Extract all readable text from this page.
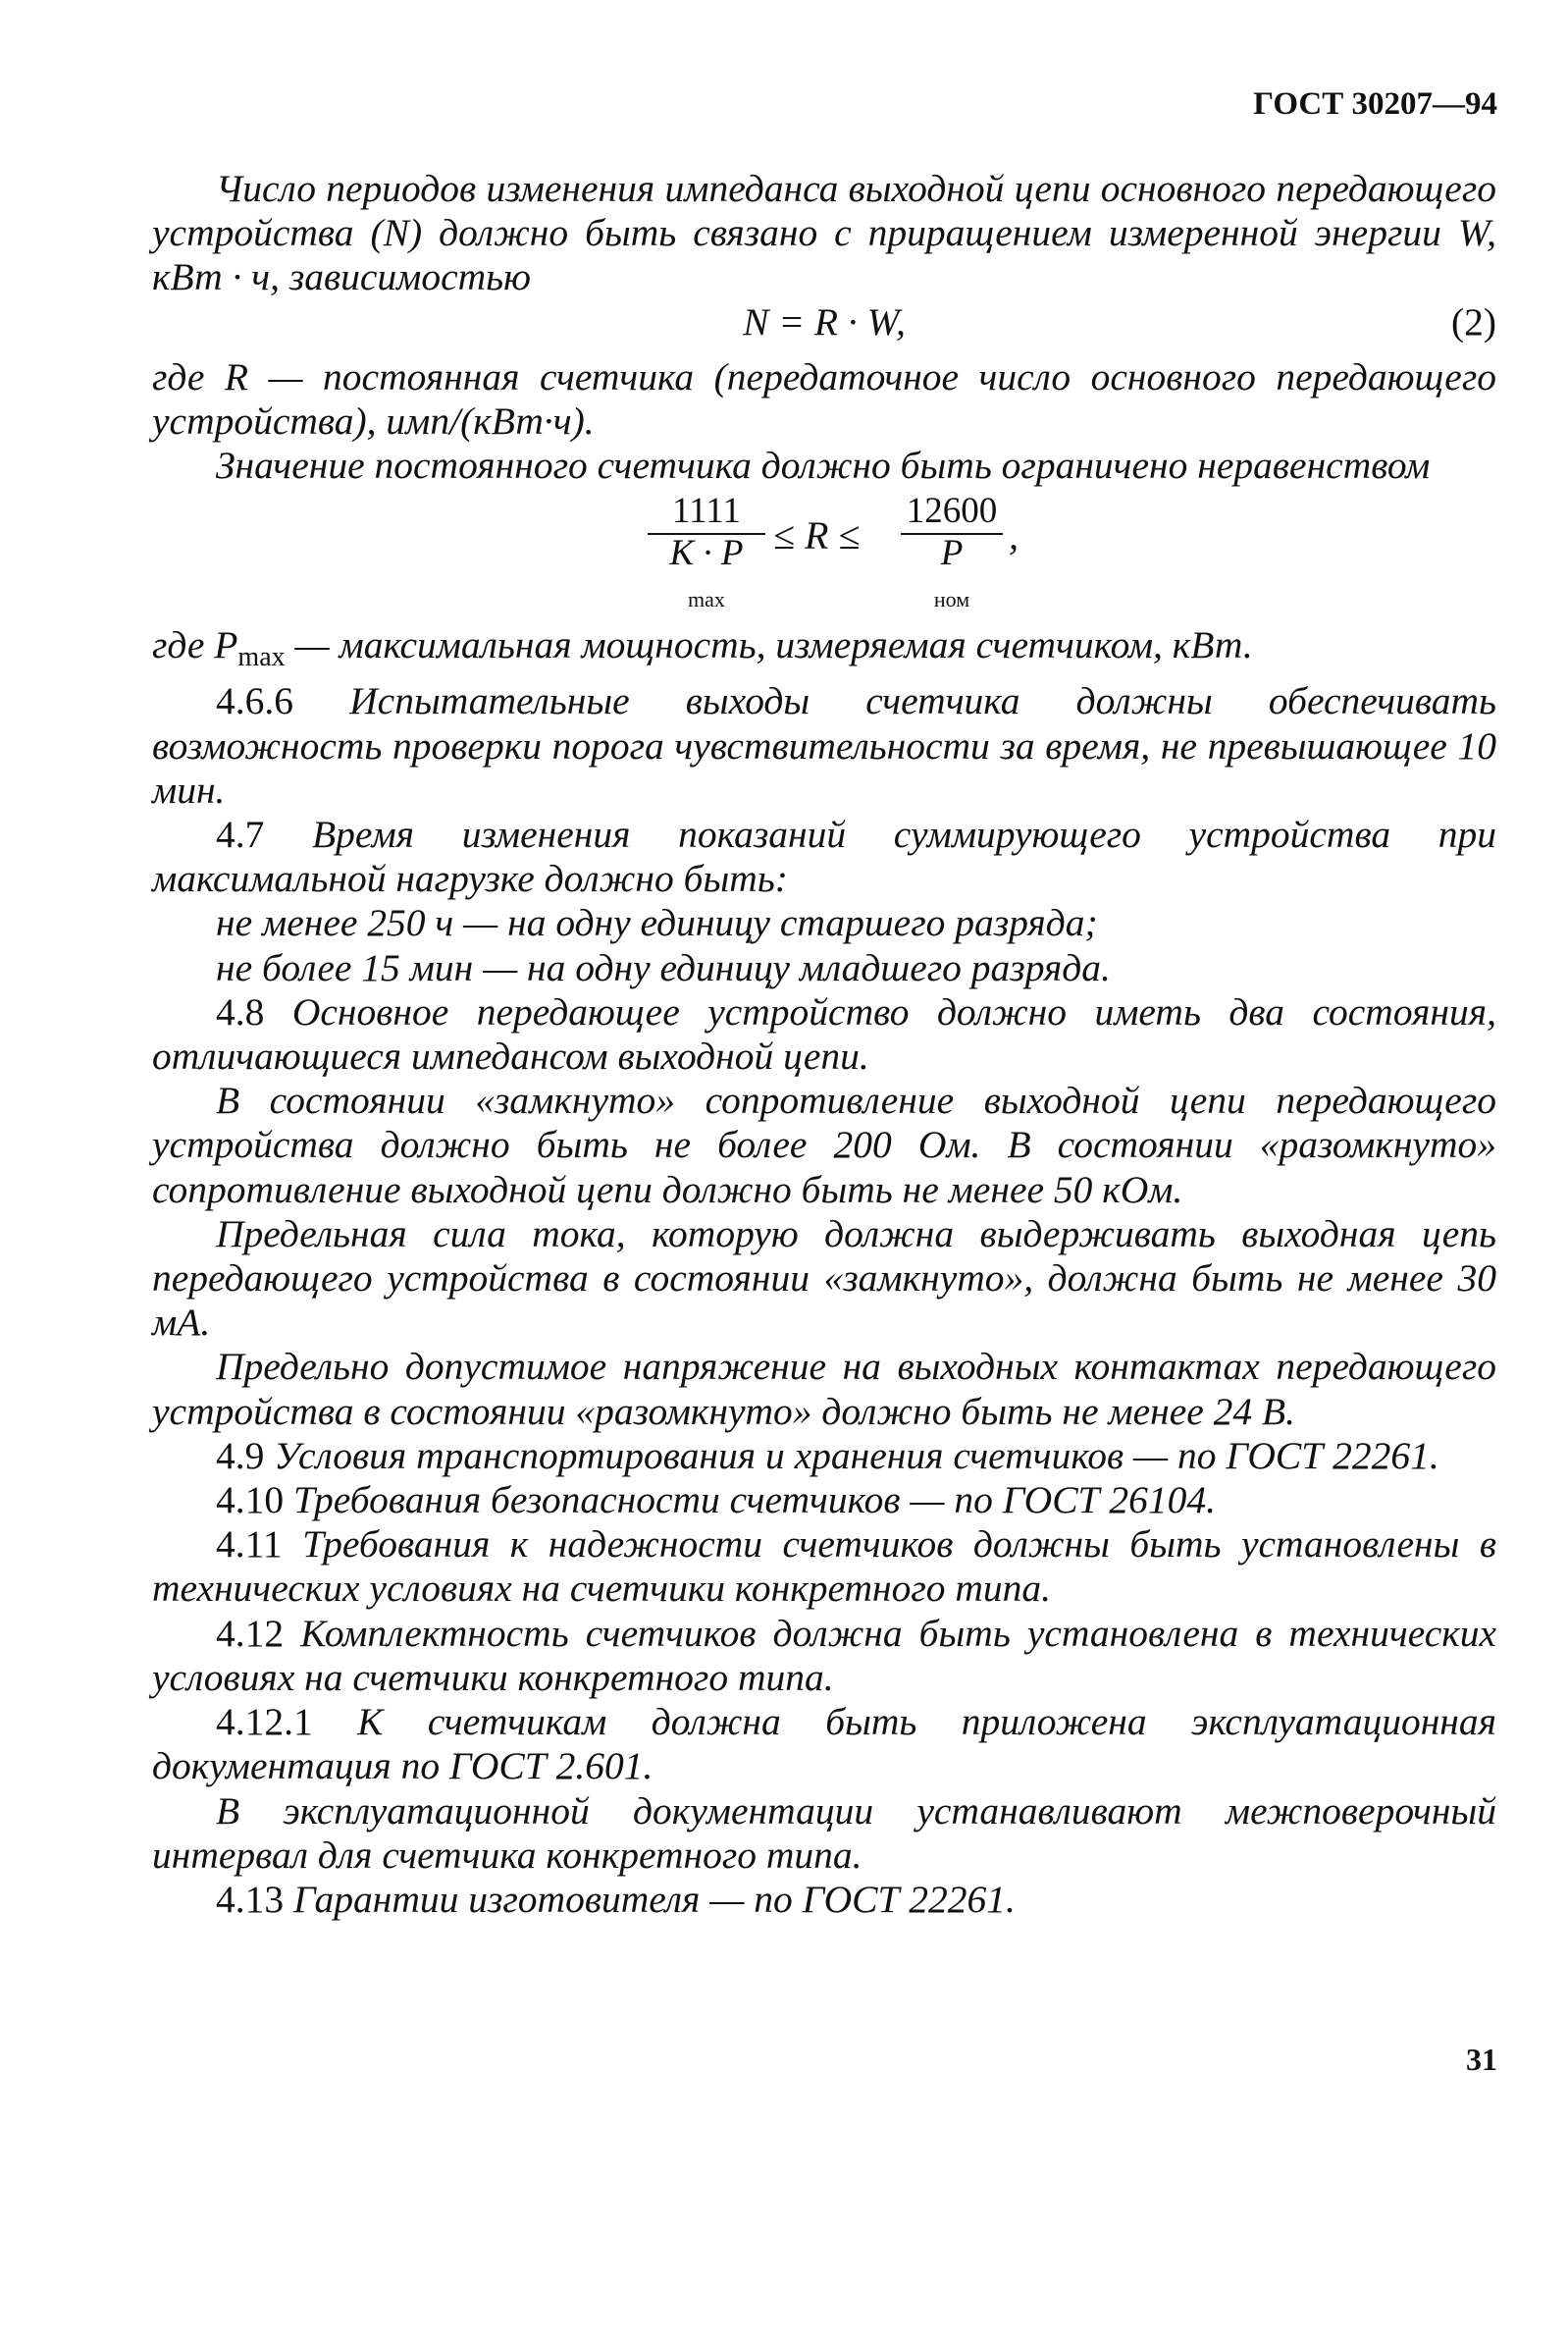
ГОСТ 30207—94

Число периодов изменения импеданса выходной цепи основного передающего устройства (N) должно быть связано с приращением измеренной энергии W, кВт · ч, зависимостью

N = R · W,	(2)

где R — постоянная счетчика (передаточное число основного передающего устройства), имп/(кВт·ч).

Значение постоянного счетчика должно быть ограничено неравенством

1111
K · P
max
≤ R ≤
12600
P
ном
,

где $P_{max}$ — максимальная мощность, измеряемая счетчиком, кВт.

4.6.6 Испытательные выходы счетчика должны обеспечивать возможность проверки порога чувствительности за время, не превышающее 10 мин.

4.7 Время изменения показаний суммирующего устройства при максимальной нагрузке должно быть:

не менее 250 ч — на одну единицу старшего разряда;

не более 15 мин — на одну единицу младшего разряда.

4.8 Основное передающее устройство должно иметь два состояния, отличающиеся импедансом выходной цепи.

В состоянии «замкнуто» сопротивление выходной цепи передающего устройства должно быть не более 200 Ом. В состоянии «разомкнуто» сопротивление выходной цепи должно быть не менее 50 кОм.

Предельная сила тока, которую должна выдерживать выходная цепь передающего устройства в состоянии «замкнуто», должна быть не менее 30 мА.

Предельно допустимое напряжение на выходных контактах передающего устройства в состоянии «разомкнуто» должно быть не менее 24 В.

4.9 Условия транспортирования и хранения счетчиков — по ГОСТ 22261.

4.10 Требования безопасности счетчиков — по ГОСТ 26104.

4.11 Требования к надежности счетчиков должны быть установлены в технических условиях на счетчики конкретного типа.

4.12 Комплектность счетчиков должна быть установлена в технических условиях на счетчики конкретного типа.

4.12.1 К счетчикам должна быть приложена эксплуатационная документация по ГОСТ 2.601.

В эксплуатационной документации устанавливают межповерочный интервал для счетчика конкретного типа.

4.13 Гарантии изготовителя — по ГОСТ 22261.

31
